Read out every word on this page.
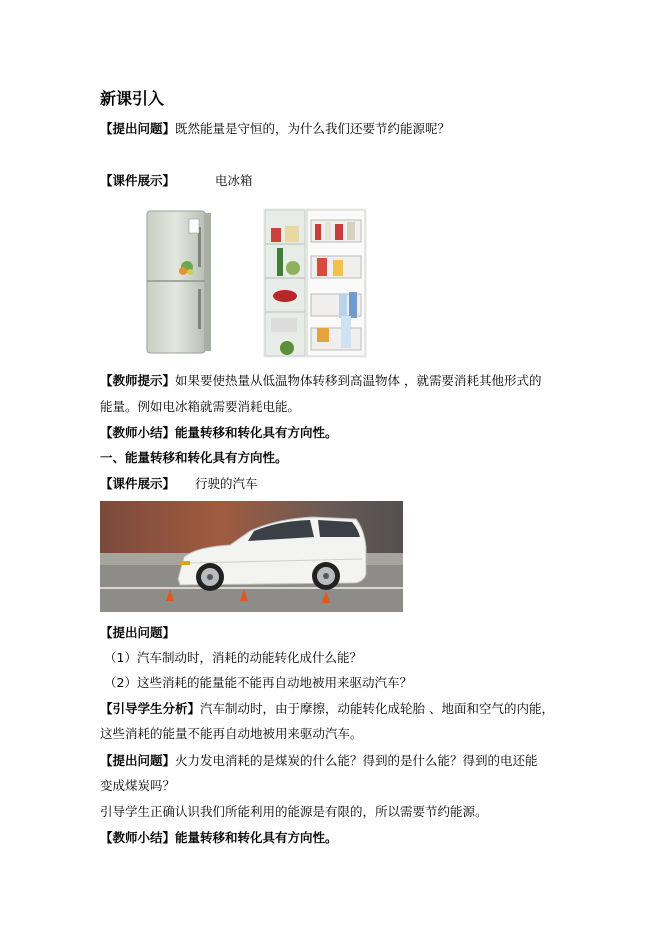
新课引入
【提出问题】既然能量是守恒的，为什么我们还要节约能源呢？
【课件展示】	电冰箱
【教师提示】如果要使热量从低温物体转移到高温物体 ，就需要消耗其他形式的
能量。例如电冰箱就需要消耗电能。
【教师小结】能量转移和转化具有方向性。
一、能量转移和转化具有方向性。
【课件展示】 行驶的汽车
【提出问题】
（1）汽车制动时，消耗的动能转化成什么能？
（2）这些消耗的能量能不能再自动地被用来驱动汽车？
【引导学生分析】汽车制动时，由于摩擦，动能转化成轮胎 、地面和空气的内能，
这些消耗的能量不能再自动地被用来驱动汽车。
【提出问题】火力发电消耗的是煤炭的什么能？得到的是什么能？得到的电还能
变成煤炭吗？
引导学生正确认识我们所能利用的能源是有限的，所以需要节约能源。
【教师小结】能量转移和转化具有方向性。
